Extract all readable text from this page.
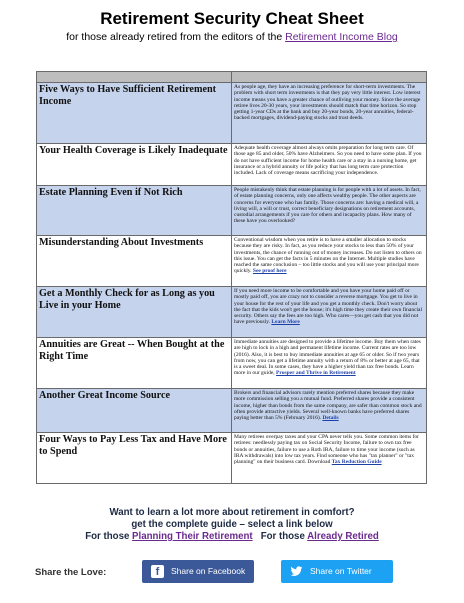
Retirement Security Cheat Sheet
for those already retired from the editors of the Retirement Income Blog

Five Ways to Have Sufficient Retirement Income	As people age, they have an increasing preference for short-term investments. The problem with short term investments is that they pay very little interest. Low interest income means you have a greater chance of outliving your money. Since the average retiree lives 20-30 years, your investments should match that time horizon. So stop getting 1-year CDs at the bank and buy 20-year bonds, 20-year annuities, federal-backed mortgages, dividend-paying stocks and trust deeds.
Your Health Coverage is Likely Inadequate	Adequate health coverage almost always omits preparation for long term care. Of those age 85 and older, 50% have Alzheimers. So you need to have some plan. If you do not have sufficient income for home health care or a stay in a nursing home, get insurance or a hybrid annuity or life policy that has long term care protection included. Lack of coverage means sacrificing your independence.
Estate Planning Even if Not Rich	People mistakenly think that estate planning is for people with a lot of assets. In fact, of estate planning concerns, only one affects wealthy people. The other aspects are concerns for everyone who has family. Those concerns are: having a medical will, a living will, a will or trust, correct beneficiary designations on retirement accounts, custodial arrangements if you care for others and incapacity plans. How many of these have you overlooked?
Misunderstanding About Investments	Conventional wisdom when you retire is to have a smaller allocation to stocks because they are risky. In fact, as you reduce your stocks to less than 50% of your investments, the chance of running out of money increases. Do not listen to others on this issue. You can get the facts in 5 minutes on the Internet. Multiple studies have reached the same conclusion – too little stocks and you will use your principal more quickly. See proof here
Get a Monthly Check for as Long as you Live in your Home	If you need more income to be comfortable and you have your home paid off or mostly paid off, you are crazy not to consider a reverse mortgage. You get to live in your house for the rest of your life and you get a monthly check. Don't worry about the fact that the kids won't get the house; it's high time they create their own financial security. Others say the fees are too high. Who cares—you get cash that you did not have previously. Learn More
Annuities are Great -- When Bought at the Right Time	Immediate annuities are designed to provide a lifetime income. Buy them when rates are high to lock in a high and permanent lifetime income. Current rates are too low (2016). Also, it is best to buy immediate annuities at age 65 or older. So if two years from now, you can get a lifetime annuity with a return of 8% or better at age 65, that is a sweet deal. In some cases, they have a higher yield than tax free bonds. Learn more in our guide, Prosper and Thrive in Retirement
Another Great Income Source	Brokers and financial advisors rarely mention preferred shares because they make more commission selling you a mutual fund. Preferred shares provide a consistent income, higher than bonds from the same company, are safer than common stock and often provide attractive yields. Several well-known banks have preferred shares paying better than 5% (February 2016). Details
Four Ways to Pay Less Tax and Have More to Spend	Many retirees overpay taxes and your CPA never tells you. Some common items for retirees: needlessly paying tax on Social Security Income, failure to own tax free bonds or annuities, failure to use a Roth IRA, failure to time your income (such as IRA withdrawals) into low tax years. Find someone who has "tax planner" or "tax planning" on their business card. Download Tax Reduction Guide
Want to learn a lot more about retirement in comfort?
get the complete guide – select a link below
For those Planning Their Retirement For those Already Retired
Share the Love:	f	Share on Facebook	Share on Twitter
